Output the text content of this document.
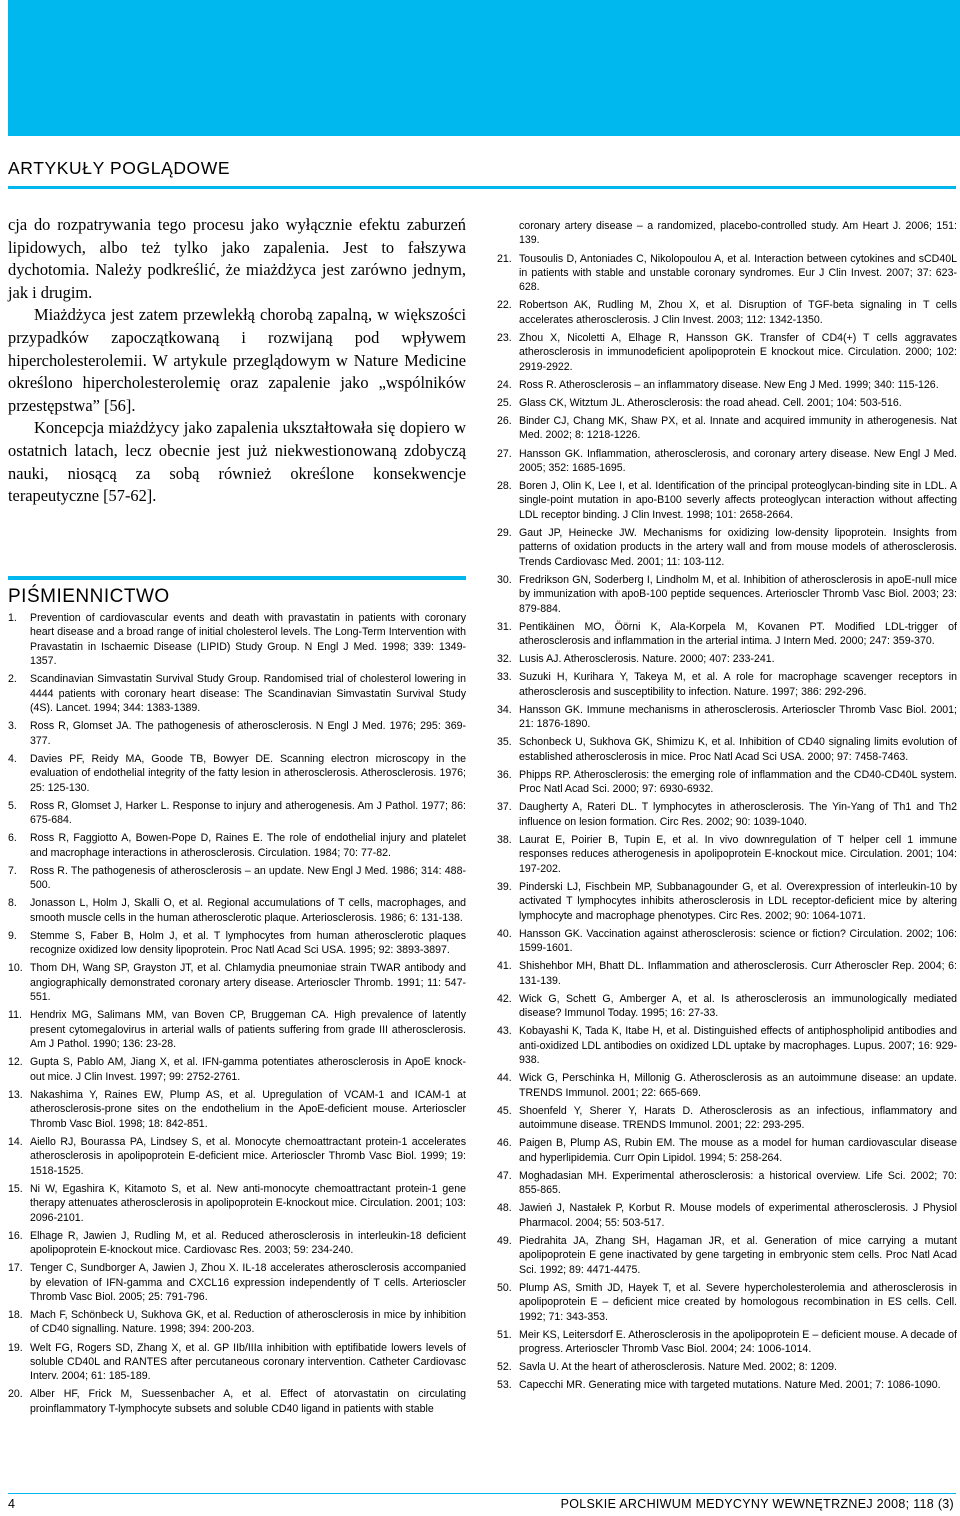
ARTYKUŁY POGLĄDOWE

cja do rozpatrywania tego procesu jako wyłącznie efektu zaburzeń lipidowych, albo też tylko jako zapalenia. Jest to fałszywa dychotomia. Należy podkreślić, że miażdżyca jest zarówno jednym, jak i drugim.

Miażdżyca jest zatem przewlekłą chorobą zapalną, w większości przypadków zapoczątkowaną i rozwijaną pod wpływem hipercholesterolemii. W artykule przeglądowym w Nature Medicine określono hipercholesterolemię oraz zapalenie jako „wspólników przestępstwa” [56].

Koncepcja miażdżycy jako zapalenia ukształtowała się dopiero w ostatnich latach, lecz obecnie jest już niekwestionowaną zdobyczą nauki, niosącą za sobą również określone konsekwencje terapeutyczne [57-62].

PIŚMIENNICTWO
1.	Prevention of cardiovascular events and death with pravastatin in patients with coronary heart disease and a broad range of initial cholesterol levels. The Long-Term Intervention with Pravastatin in Ischaemic Disease (LIPID) Study Group. N Engl J Med. 1998; 339: 1349-1357.
2.	Scandinavian Simvastatin Survival Study Group. Randomised trial of cholesterol lowering in 4444 patients with coronary heart disease: The Scandinavian Simvastatin Survival Study (4S). Lancet. 1994; 344: 1383-1389.
3.	Ross R, Glomset JA. The pathogenesis of atherosclerosis. N Engl J Med. 1976; 295: 369-377.
4.	Davies PF, Reidy MA, Goode TB, Bowyer DE. Scanning electron microscopy in the evaluation of endothelial integrity of the fatty lesion in atherosclerosis. Atherosclerosis. 1976; 25: 125-130.
5.	Ross R, Glomset J, Harker L. Response to injury and atherogenesis. Am J Pathol. 1977; 86: 675-684.
6.	Ross R, Faggiotto A, Bowen-Pope D, Raines E. The role of endothelial injury and platelet and macrophage interactions in atherosclerosis. Circulation. 1984; 70: 77-82.
7.	Ross R. The pathogenesis of atherosclerosis – an update. New Engl J Med. 1986; 314: 488-500.
8.	Jonasson L, Holm J, Skalli O, et al. Regional accumulations of T cells, macrophages, and smooth muscle cells in the human atherosclerotic plaque. Arteriosclerosis. 1986; 6: 131-138.
9.	Stemme S, Faber B, Holm J, et al. T lymphocytes from human atherosclerotic plaques recognize oxidized low density lipoprotein. Proc Natl Acad Sci USA. 1995; 92: 3893-3897.
10. Thom DH, Wang SP, Grayston JT, et al. Chlamydia pneumoniae strain TWAR antibody and angiographically demonstrated coronary artery disease. Arterioscler Thromb. 1991; 11: 547-551.
11. Hendrix MG, Salimans MM, van Boven CP, Bruggeman CA. High prevalence of latently present cytomegalovirus in arterial walls of patients suffering from grade III atherosclerosis. Am J Pathol. 1990; 136: 23-28.
12. Gupta S, Pablo AM, Jiang X, et al. IFN-gamma potentiates atherosclerosis in ApoE knock-out mice. J Clin Invest. 1997; 99: 2752-2761.
13. Nakashima Y, Raines EW, Plump AS, et al. Upregulation of VCAM-1 and ICAM-1 at atherosclerosis-prone sites on the endothelium in the ApoE-deficient mouse. Arterioscler Thromb Vasc Biol. 1998; 18: 842-851.
14. Aiello RJ, Bourassa PA, Lindsey S, et al. Monocyte chemoattractant protein-1 accelerates atherosclerosis in apolipoprotein E-deficient mice. Arterioscler Thromb Vasc Biol. 1999; 19: 1518-1525.
15. Ni W, Egashira K, Kitamoto S, et al. New anti-monocyte chemoattractant protein-1 gene therapy attenuates atherosclerosis in apolipoprotein E-knockout mice. Circulation. 2001; 103: 2096-2101.
16. Elhage R, Jawien J, Rudling M, et al. Reduced atherosclerosis in interleukin-18 deficient apolipoprotein E-knockout mice. Cardiovasc Res. 2003; 59: 234-240.
17. Tenger C, Sundborger A, Jawien J, Zhou X. IL-18 accelerates atherosclerosis accompanied by elevation of IFN-gamma and CXCL16 expression independently of T cells. Arterioscler Thromb Vasc Biol. 2005; 25: 791-796.
18. Mach F, Schönbeck U, Sukhova GK, et al. Reduction of atherosclerosis in mice by inhibition of CD40 signalling. Nature. 1998; 394: 200-203.
19. Welt FG, Rogers SD, Zhang X, et al. GP IIb/IIIa inhibition with eptifibatide lowers levels of soluble CD40L and RANTES after percutaneous coronary intervention. Catheter Cardiovasc Interv. 2004; 61: 185-189.
20. Alber HF, Frick M, Suessenbacher A, et al. Effect of atorvastatin on circulating proinflammatory T-lymphocyte subsets and soluble CD40 ligand in patients with stable
coronary artery disease – a randomized, placebo-controlled study. Am Heart J. 2006; 151: 139.
21. Tousoulis D, Antoniades C, Nikolopoulou A, et al. Interaction between cytokines and sCD40L in patients with stable and unstable coronary syndromes. Eur J Clin Invest. 2007; 37: 623-628.
22. Robertson AK, Rudling M, Zhou X, et al. Disruption of TGF-beta signaling in T cells accelerates atherosclerosis. J Clin Invest. 2003; 112: 1342-1350.
23. Zhou X, Nicoletti A, Elhage R, Hansson GK. Transfer of CD4(+) T cells aggravates atherosclerosis in immunodeficient apolipoprotein E knockout mice. Circulation. 2000; 102: 2919-2922.
24. Ross R. Atherosclerosis – an inflammatory disease. New Eng J Med. 1999; 340: 115-126.
25. Glass CK, Witztum JL. Atherosclerosis: the road ahead. Cell. 2001; 104: 503-516.
26. Binder CJ, Chang MK, Shaw PX, et al. Innate and acquired immunity in atherogenesis. Nat Med. 2002; 8: 1218-1226.
27. Hansson GK. Inflammation, atherosclerosis, and coronary artery disease. New Engl J Med. 2005; 352: 1685-1695.
28. Boren J, Olin K, Lee I, et al. Identification of the principal proteoglycan-binding site in LDL. A single-point mutation in apo-B100 severly affects proteoglycan interaction without affecting LDL receptor binding. J Clin Invest. 1998; 101: 2658-2664.
29. Gaut JP, Heinecke JW. Mechanisms for oxidizing low-density lipoprotein. Insights from patterns of oxidation products in the artery wall and from mouse models of atherosclerosis. Trends Cardiovasc Med. 2001; 11: 103-112.
30. Fredrikson GN, Soderberg I, Lindholm M, et al. Inhibition of atherosclerosis in apoE-null mice by immunization with apoB-100 peptide sequences. Arterioscler Thromb Vasc Biol. 2003; 23: 879-884.
31. Pentikäinen MO, Öörni K, Ala-Korpela M, Kovanen PT. Modified LDL-trigger of atherosclerosis and inflammation in the arterial intima. J Intern Med. 2000; 247: 359-370.
32. Lusis AJ. Atherosclerosis. Nature. 2000; 407: 233-241.
33. Suzuki H, Kurihara Y, Takeya M, et al. A role for macrophage scavenger receptors in atherosclerosis and susceptibility to infection. Nature. 1997; 386: 292-296.
34. Hansson GK. Immune mechanisms in atherosclerosis. Arterioscler Thromb Vasc Biol. 2001; 21: 1876-1890.
35. Schonbeck U, Sukhova GK, Shimizu K, et al. Inhibition of CD40 signaling limits evolution of established atherosclerosis in mice. Proc Natl Acad Sci USA. 2000; 97: 7458-7463.
36. Phipps RP. Atherosclerosis: the emerging role of inflammation and the CD40-CD40L system. Proc Natl Acad Sci. 2000; 97: 6930-6932.
37. Daugherty A, Rateri DL. T lymphocytes in atherosclerosis. The Yin-Yang of Th1 and Th2 influence on lesion formation. Circ Res. 2002; 90: 1039-1040.
38. Laurat E, Poirier B, Tupin E, et al. In vivo downregulation of T helper cell 1 immune responses reduces atherogenesis in apolipoprotein E-knockout mice. Circulation. 2001; 104: 197-202.
39. Pinderski LJ, Fischbein MP, Subbanagounder G, et al. Overexpression of interleukin-10 by activated T lymphocytes inhibits atherosclerosis in LDL receptor-deficient mice by altering lymphocyte and macrophage phenotypes. Circ Res. 2002; 90: 1064-1071.
40. Hansson GK. Vaccination against atherosclerosis: science or fiction? Circulation. 2002; 106: 1599-1601.
41. Shishehbor MH, Bhatt DL. Inflammation and atherosclerosis. Curr Atheroscler Rep. 2004; 6: 131-139.
42. Wick G, Schett G, Amberger A, et al. Is atherosclerosis an immunologically mediated disease? Immunol Today. 1995; 16: 27-33.
43. Kobayashi K, Tada K, Itabe H, et al. Distinguished effects of antiphospholipid antibodies and anti-oxidized LDL antibodies on oxidized LDL uptake by macrophages. Lupus. 2007; 16: 929-938.
44. Wick G, Perschinka H, Millonig G. Atherosclerosis as an autoimmune disease: an update. TRENDS Immunol. 2001; 22: 665-669.
45. Shoenfeld Y, Sherer Y, Harats D. Atherosclerosis as an infectious, inflammatory and autoimmune disease. TRENDS Immunol. 2001; 22: 293-295.
46. Paigen B, Plump AS, Rubin EM. The mouse as a model for human cardiovascular disease and hyperlipidemia. Curr Opin Lipidol. 1994; 5: 258-264.
47. Moghadasian MH. Experimental atherosclerosis: a historical overview. Life Sci. 2002; 70: 855-865.
48. Jawień J, Nastałek P, Korbut R. Mouse models of experimental atherosclerosis. J Physiol Pharmacol. 2004; 55: 503-517.
49. Piedrahita JA, Zhang SH, Hagaman JR, et al. Generation of mice carrying a mutant apolipoprotein E gene inactivated by gene targeting in embryonic stem cells. Proc Natl Acad Sci. 1992; 89: 4471-4475.
50. Plump AS, Smith JD, Hayek T, et al. Severe hypercholesterolemia and atherosclerosis in apolipoprotein E – deficient mice created by homologous recombination in ES cells. Cell. 1992; 71: 343-353.
51. Meir KS, Leitersdorf E. Atherosclerosis in the apolipoprotein E – deficient mouse. A decade of progress. Arterioscler Thromb Vasc Biol. 2004; 24: 1006-1014.
52. Savla U. At the heart of atherosclerosis. Nature Med. 2002; 8: 1209.
53. Capecchi MR. Generating mice with targeted mutations. Nature Med. 2001; 7: 1086-1090.
4	POLSKIE ARCHIWUM MEDYCYNY WEWNĘTRZNEJ 2008; 118 (3)
